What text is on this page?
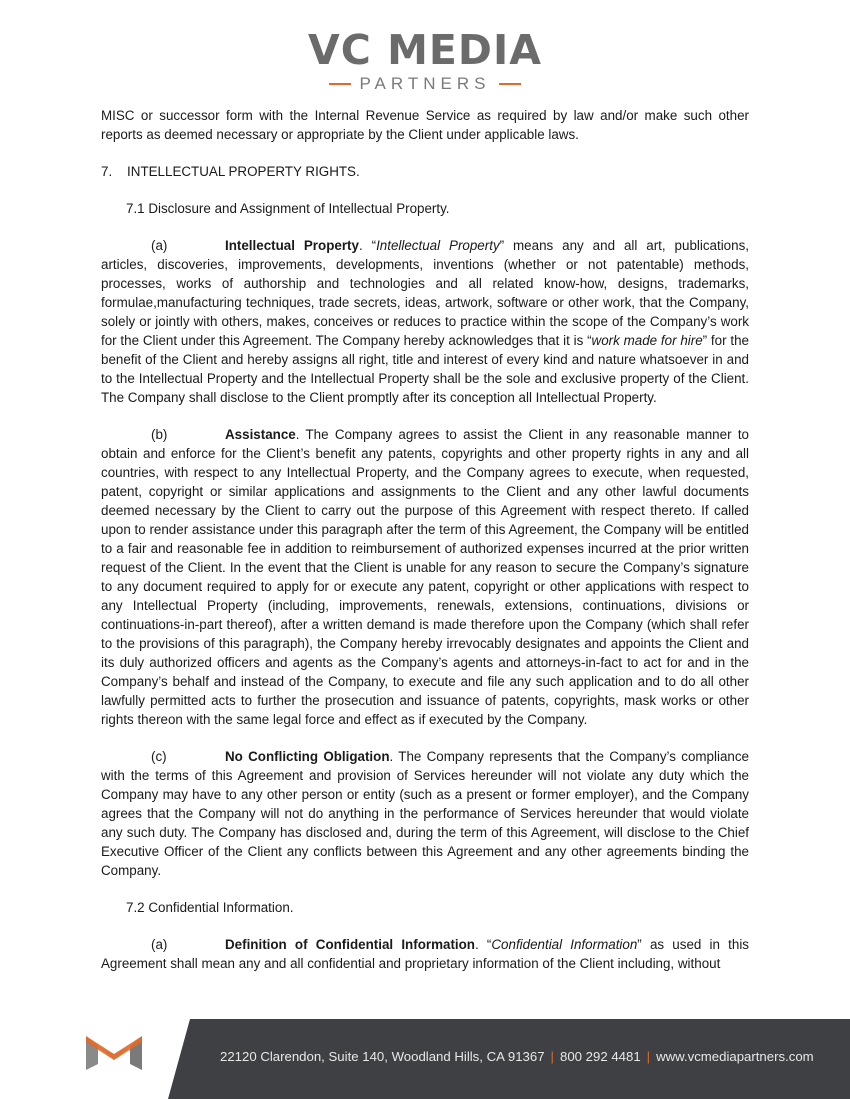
VC MEDIA
PARTNERS

MISC or successor form with the Internal Revenue Service as required by law and/or make such other reports as deemed necessary or appropriate by the Client under applicable laws.

7.    INTELLECTUAL PROPERTY RIGHTS.

7.1 Disclosure and Assignment of Intellectual Property.

(a)	Intellectual Property. “Intellectual Property” means any and all art, publications, articles, discoveries, improvements, developments, inventions (whether or not patentable) methods, processes, works of authorship and technologies and all related know-how, designs, trademarks, formulae,manufacturing techniques, trade secrets, ideas, artwork, software or other work, that the Company, solely or jointly with others, makes, conceives or reduces to practice within the scope of the Company’s work for the Client under this Agreement. The Company hereby acknowledges that it is “work made for hire” for the benefit of the Client and hereby assigns all right, title and interest of every kind and nature whatsoever in and to the Intellectual Property and the Intellectual Property shall be the sole and exclusive property of the Client. The Company shall disclose to the Client promptly after its conception all Intellectual Property.

(b)	Assistance. The Company agrees to assist the Client in any reasonable manner to obtain and enforce for the Client’s benefit any patents, copyrights and other property rights in any and all countries, with respect to any Intellectual Property, and the Company agrees to execute, when requested, patent, copyright or similar applications and assignments to the Client and any other lawful documents deemed necessary by the Client to carry out the purpose of this Agreement with respect thereto. If called upon to render assistance under this paragraph after the term of this Agreement, the Company will be entitled to a fair and reasonable fee in addition to reimbursement of authorized expenses incurred at the prior written request of the Client. In the event that the Client is unable for any reason to secure the Company’s signature to any document required to apply for or execute any patent, copyright or other applications with respect to any Intellectual Property (including, improvements, renewals, extensions, continuations, divisions or continuations-in-part thereof), after a written demand is made therefore upon the Company (which shall refer to the provisions of this paragraph), the Company hereby irrevocably designates and appoints the Client and its duly authorized officers and agents as the Company’s agents and attorneys-in-fact to act for and in the Company’s behalf and instead of the Company, to execute and file any such application and to do all other lawfully permitted acts to further the prosecution and issuance of patents, copyrights, mask works or other rights thereon with the same legal force and effect as if executed by the Company.

(c)	No Conflicting Obligation. The Company represents that the Company’s compliance with the terms of this Agreement and provision of Services hereunder will not violate any duty which the Company may have to any other person or entity (such as a present or former employer), and the Company agrees that the Company will not do anything in the performance of Services hereunder that would violate any such duty. The Company has disclosed and, during the term of this Agreement, will disclose to the Chief Executive Officer of the Client any conflicts between this Agreement and any other agreements binding the Company.

7.2 Confidential Information.

(a)	Definition of Confidential Information. “Confidential Information” as used in this Agreement shall mean any and all confidential and proprietary information of the Client including, without

22120 Clarendon, Suite 140, Woodland Hills, CA 91367 | 800 292 4481 | www.vcmediapartners.com
